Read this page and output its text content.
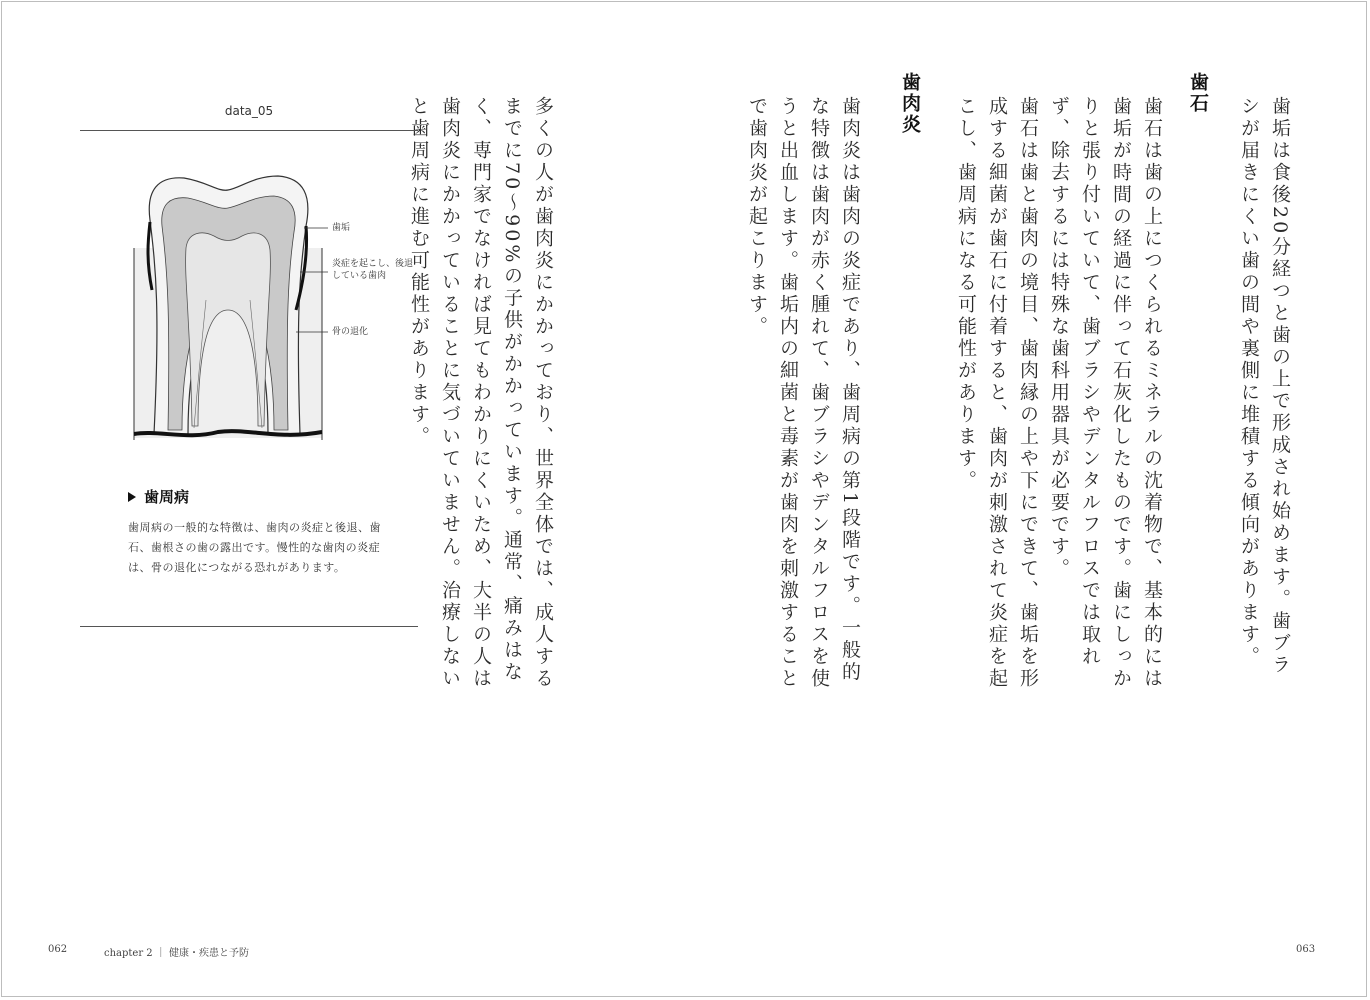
歯垢は食後20分経つと歯の上で形成され始めます。歯ブラシが届きにくい歯の間や裏側に堆積する傾向があります。
歯石
歯石は歯の上につくられるミネラルの沈着物で、基本的には歯垢が時間の経過に伴って石灰化したものです。歯にしっかりと張り付いていて、歯ブラシやデンタルフロスでは取れず、除去するには特殊な歯科用器具が必要です。
歯石は歯と歯肉の境目、歯肉縁の上や下にできて、歯垢を形成する細菌が歯石に付着すると、歯肉が刺激されて炎症を起こし、歯周病になる可能性があります。
歯肉炎
歯肉炎は歯肉の炎症であり、歯周病の第1段階です。一般的な特徴は歯肉が赤く腫れて、歯ブラシやデンタルフロスを使うと出血します。歯垢内の細菌と毒素が歯肉を刺激することで歯肉炎が起こります。
多くの人が歯肉炎にかかっており、世界全体では、成人するまでに70〜90%の子供がかかっています。通常、痛みはなく、専門家でなければ見てもわかりにくいため、大半の人は歯肉炎にかかっていることに気づいていません。治療しないと歯周病に進む可能性があります。
data_05
歯垢
炎症を起こし、後退している歯肉
骨の退化
歯周病
歯周病の一般的な特徴は、歯肉の炎症と後退、歯石、歯根さの歯の露出です。慢性的な歯肉の炎症は、骨の退化につながる恐れがあります。
062	chapter 2 ｜ 健康・疾患と予防	063
